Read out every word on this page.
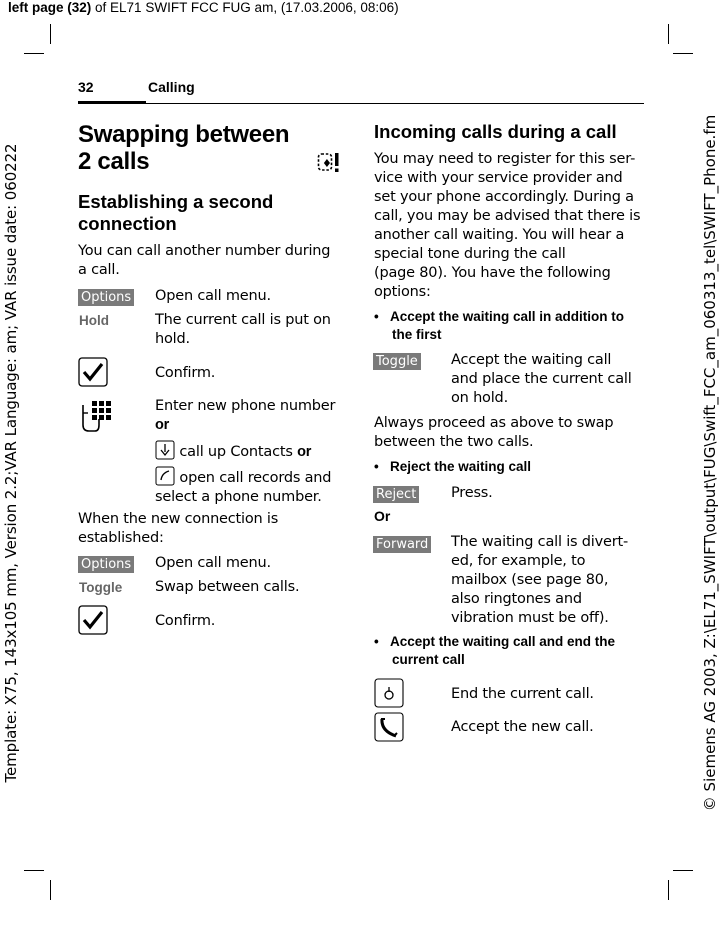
left page (32) of EL71 SWIFT FCC FUG am, (17.03.2006, 08:06)
Template: X75, 143x105 mm, Version 2.2;VAR Language: am; VAR issue date: 060222	© Siemens AG 2003, Z:\EL71_SWIFT\output\FUG\Swift_FCC_am_060313_tel\SWIFT_Phone.fm
32	Calling
Swapping between
2 calls	♦
Establishing a second
connection
You can call another number during
a call.
Options Open call menu.
Hold	The current call is put on
hold.
Confirm.
Enter new phone number
or
call up Contacts or
open call records and
select a phone number.
When the new connection is
established:
Options Open call menu.
Toggle Swap between calls.
Confirm.
Incoming calls during a call
You may need to register for this ser-
vice with your service provider and
set your phone accordingly. During a
call, you may be advised that there is
another call waiting. You will hear a
special tone during the call
(page 80). You have the following
options:
•   Accept the waiting call in addition to
the first
Toggle Accept the waiting call
and place the current call
on hold.
Always proceed as above to swap
between the two calls.
•   Reject the waiting call
Reject Press.
Or
Forward The waiting call is divert-
ed, for example, to
mailbox (see page 80,
also ringtones and
vibration must be off).
•   Accept the waiting call and end the
current call
End the current call.
Accept the new call.
